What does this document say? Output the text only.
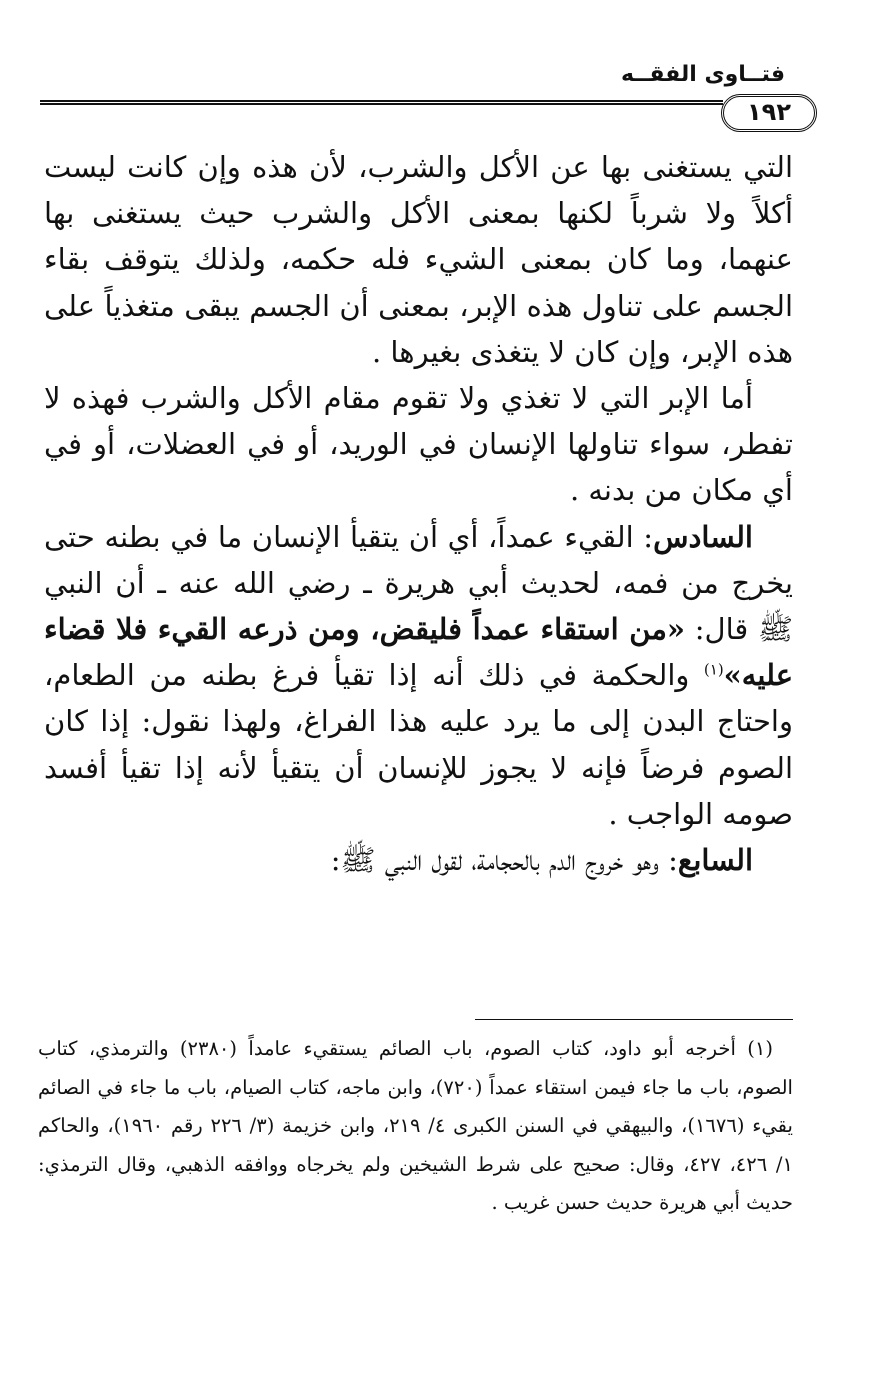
فتــاوى الفقــه
١٩٢

التي يستغنى بها عن الأكل والشرب، لأن هذه وإن كانت ليست أكلاً ولا شرباً لكنها بمعنى الأكل والشرب حيث يستغنى بها عنهما، وما كان بمعنى الشيء فله حكمه، ولذلك يتوقف بقاء الجسم على تناول هذه الإبر، بمعنى أن الجسم يبقى متغذياً على هذه الإبر، وإن كان لا يتغذى بغيرها .

أما الإبر التي لا تغذي ولا تقوم مقام الأكل والشرب فهذه لا تفطر، سواء تناولها الإنسان في الوريد، أو في العضلات، أو في أي مكان من بدنه .

السادس: القيء عمداً، أي أن يتقيأ الإنسان ما في بطنه حتى يخرج من فمه، لحديث أبي هريرة ـ رضي الله عنه ـ أن النبي ﷺ قال: «من استقاء عمداً فليقض، ومن ذرعه القيء فلا قضاء عليه»$^{(١)}$ والحكمة في ذلك أنه إذا تقيأ فرغ بطنه من الطعام، واحتاج البدن إلى ما يرد عليه هذا الفراغ، ولهذا نقول: إذا كان الصوم فرضاً فإنه لا يجوز للإنسان أن يتقيأ لأنه إذا تقيأ أفسد صومه الواجب .

السابع: وهو خروج الدم بالحجامة، لقول النبي ﷺ:

(١) أخرجه أبو داود، كتاب الصوم، باب الصائم يستقيء عامداً (٢٣٨٠) والترمذي، كتاب الصوم، باب ما جاء فيمن استقاء عمداً (٧٢٠)، وابن ماجه، كتاب الصيام، باب ما جاء في الصائم يقيء (١٦٧٦)، والبيهقي في السنن الكبرى ٤/ ٢١٩، وابن خزيمة (٣/ ٢٢٦ رقم ١٩٦٠)، والحاكم ١/ ٤٢٦، ٤٢٧، وقال: صحيح على شرط الشيخين ولم يخرجاه ووافقه الذهبي، وقال الترمذي: حديث أبي هريرة حديث حسن غريب .
